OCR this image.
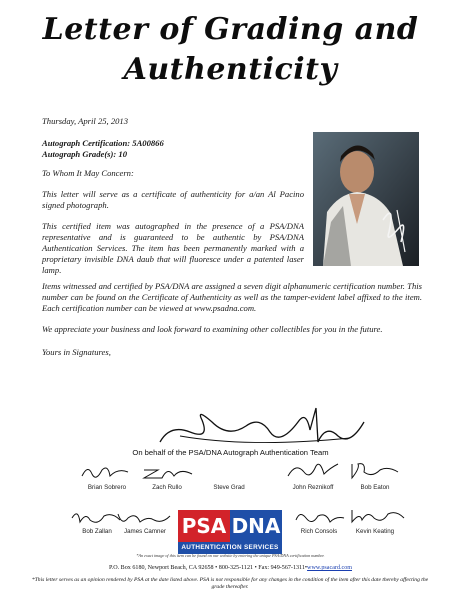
Letter of Grading and
Authenticity
Thursday, April 25, 2013
Autograph Certification: 5A00866
Autograph Grade(s): 10
To Whom It May Concern:
This letter will serve as a certificate of authenticity for a/an Al Pacino signed photograph.
This certified item was autographed in the presence of a PSA/DNA representative and is guaranteed to be authentic by PSA/DNA Authentication Services. The item has been permanently marked with a proprietary invisible DNA daub that will fluoresce under a patented laser lamp.
Items witnessed and certified by PSA/DNA are assigned a seven digit alphanumeric certification number. This number can be found on the Certificate of Authenticity as well as the tamper-evident label affixed to the item. Each certification number can be viewed at www.psadna.com.
We appreciate your business and look forward to examining other collectibles for you in the future.
Yours in Signatures,
On behalf of the PSA/DNA Autograph Authentication Team
Brian Sobrero	Zach Rullo	Steve Grad	John Reznikoff	Bob Eaton
Bob Zallan	James Camner	Rich Consols	Kevin Keating
PSA DNA
AUTHENTICATION SERVICES
*An exact image of this item can be found on our website by entering the unique PSA/DNA certification number.
P.O. Box 6180, Newport Beach, CA 92658 • 800-325-1121 • Fax: 949-567-1311•www.psacard.com
*This letter serves as an opinion rendered by PSA at the date listed above. PSA is not responsible for any changes in the condition of the item after this date thereby affecting the grade thereafter.
